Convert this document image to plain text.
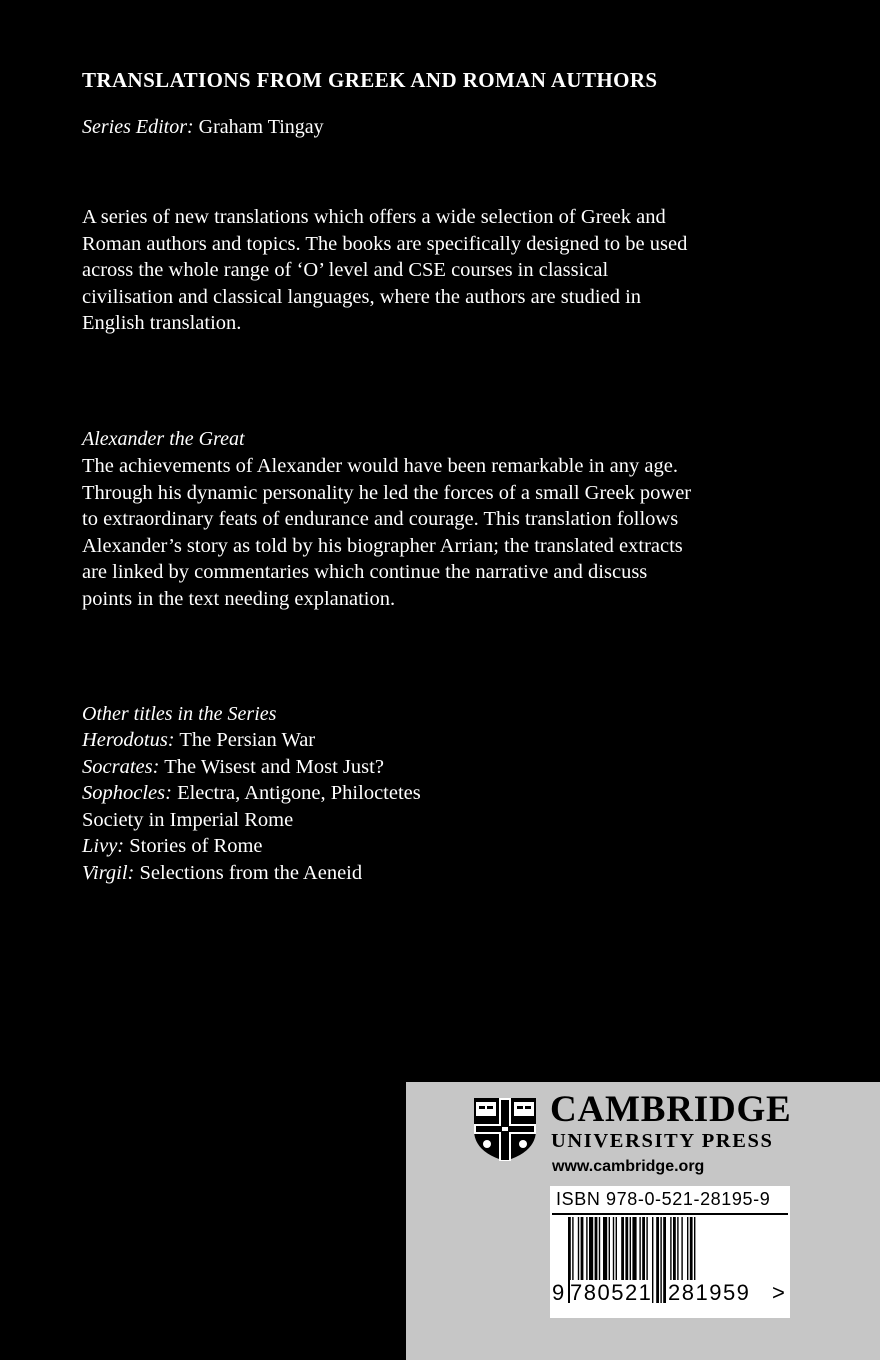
TRANSLATIONS FROM GREEK AND ROMAN AUTHORS

Series Editor: Graham Tingay

A series of new translations which offers a wide selection of Greek and Roman authors and topics. The books are specifically designed to be used across the whole range of ‘O’ level and CSE courses in classical civilisation and classical languages, where the authors are studied in English translation.

Alexander the Great

The achievements of Alexander would have been remarkable in any age. Through his dynamic personality he led the forces of a small Greek power to extraordinary feats of endurance and courage. This translation follows Alexander’s story as told by his biographer Arrian; the translated extracts are linked by commentaries which continue the narrative and discuss points in the text needing explanation.

Other titles in the Series

Herodotus: The Persian War
Socrates: The Wisest and Most Just?
Sophocles: Electra, Antigone, Philoctetes
Society in Imperial Rome
Livy: Stories of Rome
Virgil: Selections from the Aeneid
CAMBRIDGE
UNIVERSITY PRESS
www.cambridge.org
ISBN 978-0-521-28195-9
9 780521 281959 >
